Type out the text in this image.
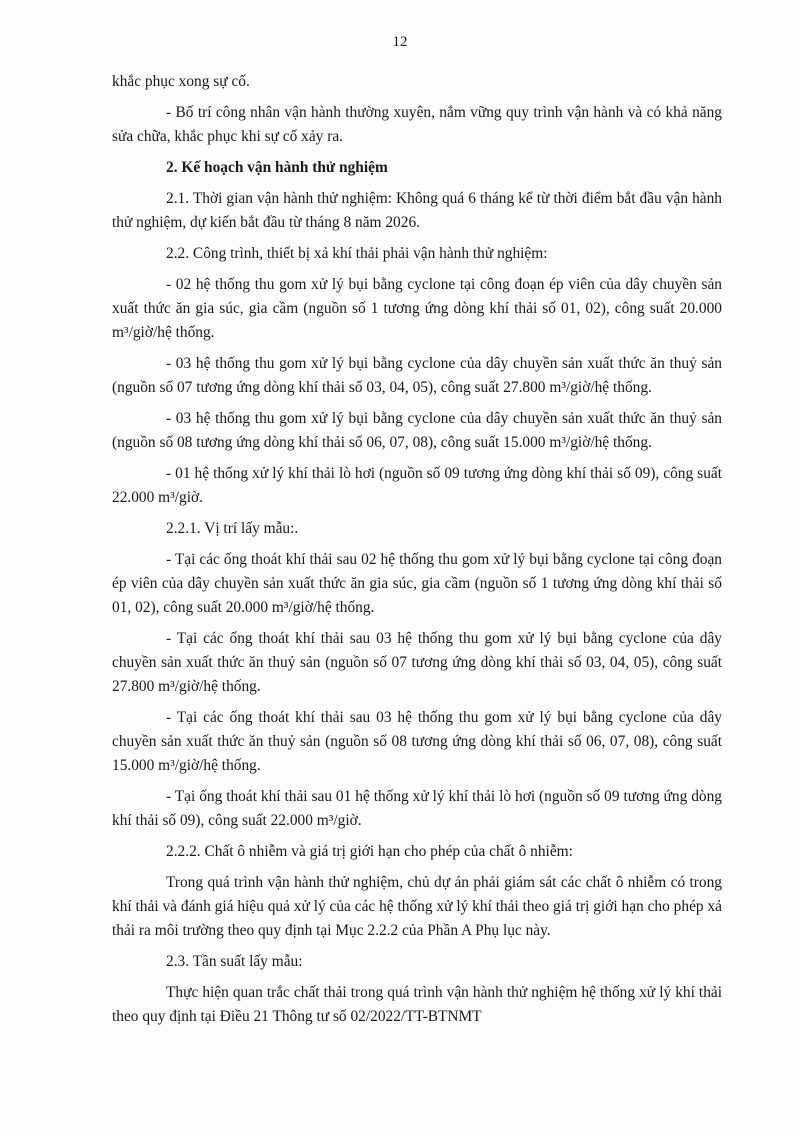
12

khắc phục xong sự cố.

- Bố trí công nhân vận hành thường xuyên, nắm vững quy trình vận hành và có khả năng sửa chữa, khắc phục khi sự cố xảy ra.

2. Kế hoạch vận hành thử nghiệm

2.1. Thời gian vận hành thử nghiệm: Không quá 6 tháng kể từ thời điểm bắt đầu vận hành thử nghiệm, dự kiến bắt đầu từ tháng 8 năm 2026.

2.2. Công trình, thiết bị xả khí thải phải vận hành thử nghiệm:

- 02 hệ thống thu gom xử lý bụi bằng cyclone tại công đoạn ép viên của dây chuyền sản xuất thức ăn gia súc, gia cầm (nguồn số 1 tương ứng dòng khí thải số 01, 02), công suất 20.000 m³/giờ/hệ thống.

- 03 hệ thống thu gom xử lý bụi bằng cyclone của dây chuyền sản xuất thức ăn thuỷ sản (nguồn số 07 tương ứng dòng khí thải số 03, 04, 05), công suất 27.800 m³/giờ/hệ thống.

- 03 hệ thống thu gom xử lý bụi bằng cyclone của dây chuyền sản xuất thức ăn thuỷ sản (nguồn số 08 tương ứng dòng khí thải số 06, 07, 08), công suất 15.000 m³/giờ/hệ thống.

- 01 hệ thống xử lý khí thải lò hơi (nguồn số 09 tương ứng dòng khí thải số 09), công suất 22.000 m³/giờ.

2.2.1. Vị trí lấy mẫu:.

- Tại các ống thoát khí thải sau 02 hệ thống thu gom xử lý bụi bằng cyclone tại công đoạn ép viên của dây chuyền sản xuất thức ăn gia súc, gia cầm (nguồn số 1 tương ứng dòng khí thải số 01, 02), công suất 20.000 m³/giờ/hệ thống.

- Tại các ống thoát khí thải sau 03 hệ thống thu gom xử lý bụi bằng cyclone của dây chuyền sản xuất thức ăn thuỷ sản (nguồn số 07 tương ứng dòng khí thải số 03, 04, 05), công suất 27.800 m³/giờ/hệ thống.

- Tại các ống thoát khí thải sau 03 hệ thống thu gom xử lý bụi bằng cyclone của dây chuyền sản xuất thức ăn thuỷ sản (nguồn số 08 tương ứng dòng khí thải số 06, 07, 08), công suất 15.000 m³/giờ/hệ thống.

- Tại ống thoát khí thải sau 01 hệ thống xử lý khí thải lò hơi (nguồn số 09 tương ứng dòng khí thải số 09), công suất 22.000 m³/giờ.

2.2.2. Chất ô nhiễm và giá trị giới hạn cho phép của chất ô nhiễm:

Trong quá trình vận hành thử nghiệm, chủ dự án phải giám sát các chất ô nhiễm có trong khí thải và đánh giá hiệu quả xử lý của các hệ thống xử lý khí thải theo giá trị giới hạn cho phép xả thải ra môi trường theo quy định tại Mục 2.2.2 của Phần A Phụ lục này.

2.3. Tần suất lấy mẫu:

Thực hiện quan trắc chất thải trong quá trình vận hành thử nghiệm hệ thống xử lý khí thải theo quy định tại Điều 21 Thông tư số 02/2022/TT-BTNMT
